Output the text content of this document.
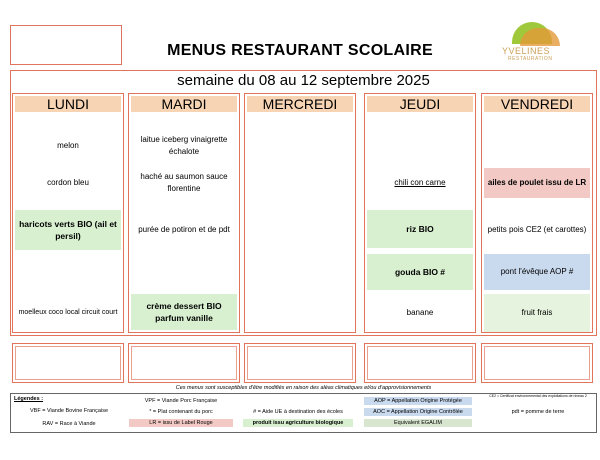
MENUS RESTAURANT SCOLAIRE	YVELINES
RESTAURATION
semaine du 08 au 12 septembre 2025
LUNDI
melon
cordon bleu
haricots verts BIO (ail et persil)
moelleux coco local circuit court
MARDI
laitue iceberg vinaigrette échalote
haché au saumon sauce florentine
purée de potiron et de pdt
crème dessert BIO parfum vanille
MERCREDI	JEUDI
chili con carne
riz BIO
gouda BIO #
banane
VENDREDI
ailes de poulet issu de LR
petits pois CE2 (et carottes)
pont l'évêque AOP #
fruit frais
Ces menus sont susceptibles d'être modifiés en raison des aléas climatiques et/ou d'approvisionnements
Légendes :
VBF = Viande Bovine Française
RAV = Race à Viande
VPF = Viande Porc Française
* = Plat contenant du porc
LR = issu de Label Rouge
# = Aide UE à destination des écoles
produit issu agriculture biologique
AOP = Appellation Origine Protégée
AOC = Appellation Origine Contrôlée
Equivalent EGALIM
CE2 = Certificat environnemental des exploitations de niveau 2
pdt = pomme de terre
